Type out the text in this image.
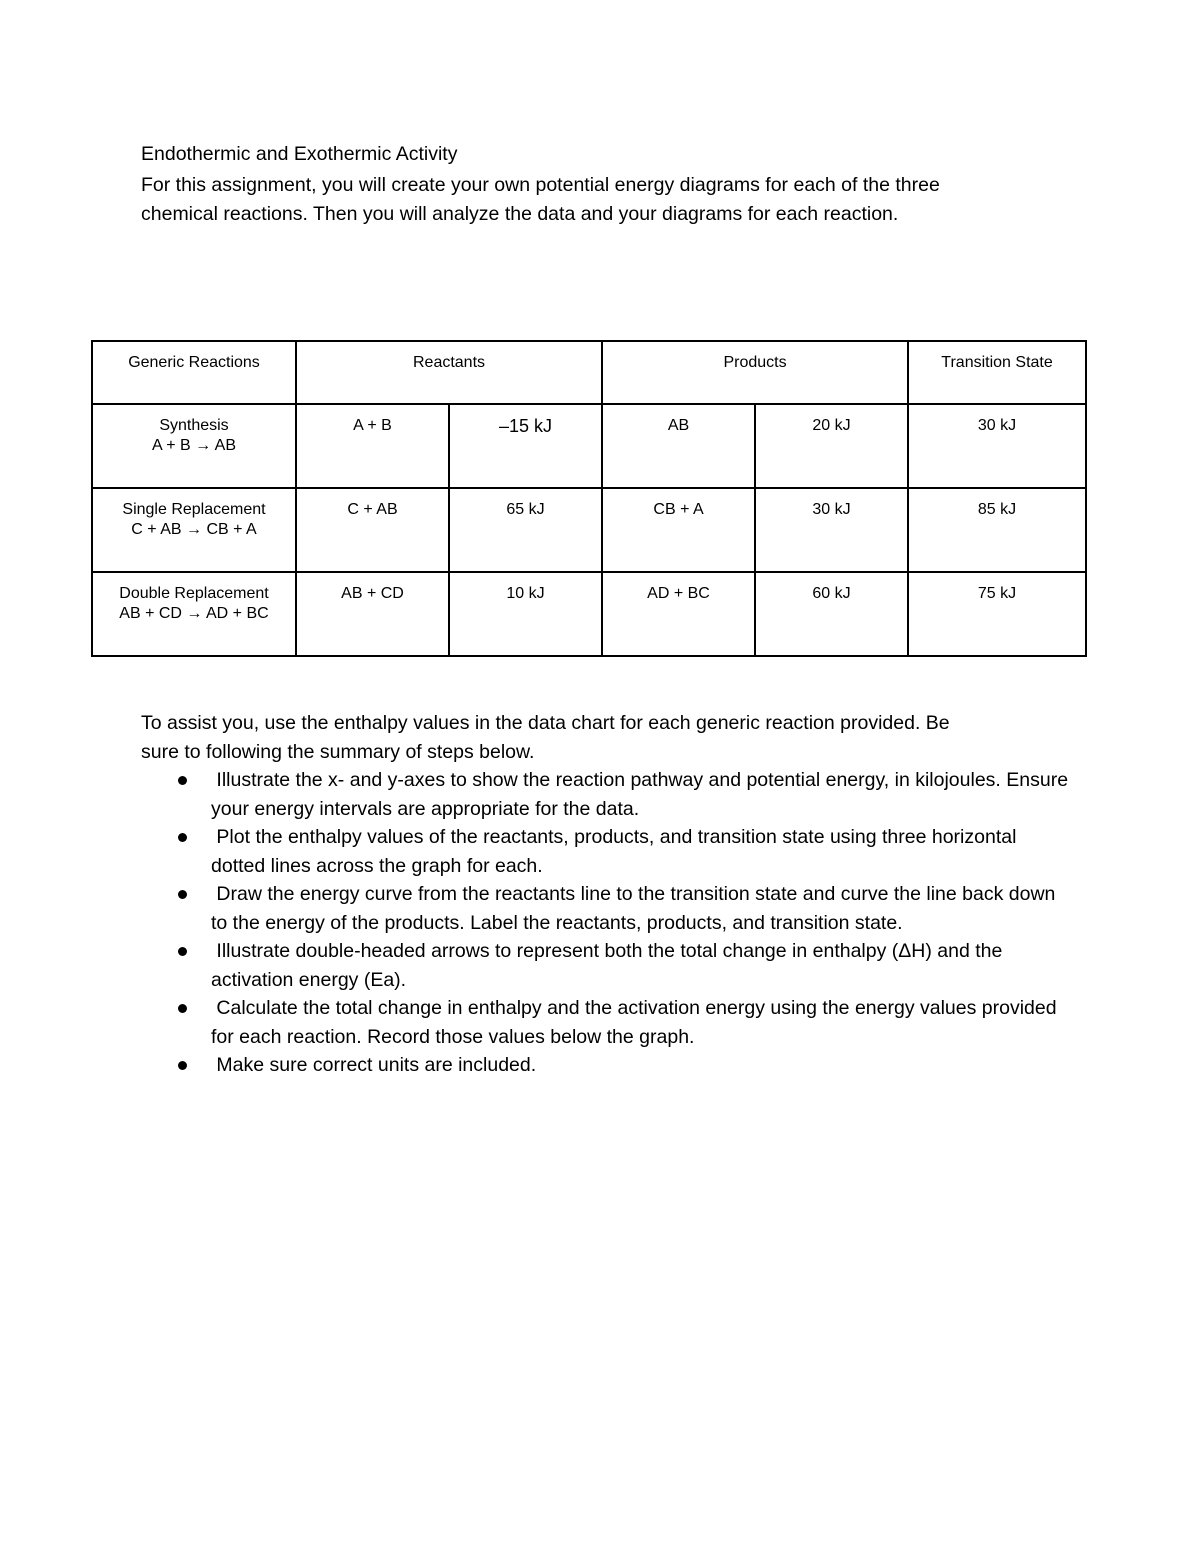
Endothermic and Exothermic Activity

For this assignment, you will create your own potential energy diagrams for each of the three

chemical reactions. Then you will analyze the data and your diagrams for each reaction.

Generic Reactions	Reactants		Products		Transition State

Synthesis
A + B → AB	A + B	–15 kJ	AB	20 kJ	30 kJ

Single Replacement
C + AB → CB + A	C + AB	65 kJ	CB + A	30 kJ	85 kJ

Double Replacement
AB + CD → AD + BC	AB + CD	10 kJ	AD + BC	60 kJ	75 kJ
To assist you, use the enthalpy values in the data chart for each generic reaction provided. Be
sure to following the summary of steps below.
Illustrate the x- and y-axes to show the reaction pathway and potential energy, in kilojoules. Ensure your energy intervals are appropriate for the data.
Plot the enthalpy values of the reactants, products, and transition state using three horizontal dotted lines across the graph for each.
Draw the energy curve from the reactants line to the transition state and curve the line back down to the energy of the products. Label the reactants, products, and transition state.
Illustrate double-headed arrows to represent both the total change in enthalpy (ΔH) and the activation energy (Ea).
Calculate the total change in enthalpy and the activation energy using the energy values provided for each reaction. Record those values below the graph.
Make sure correct units are included.
